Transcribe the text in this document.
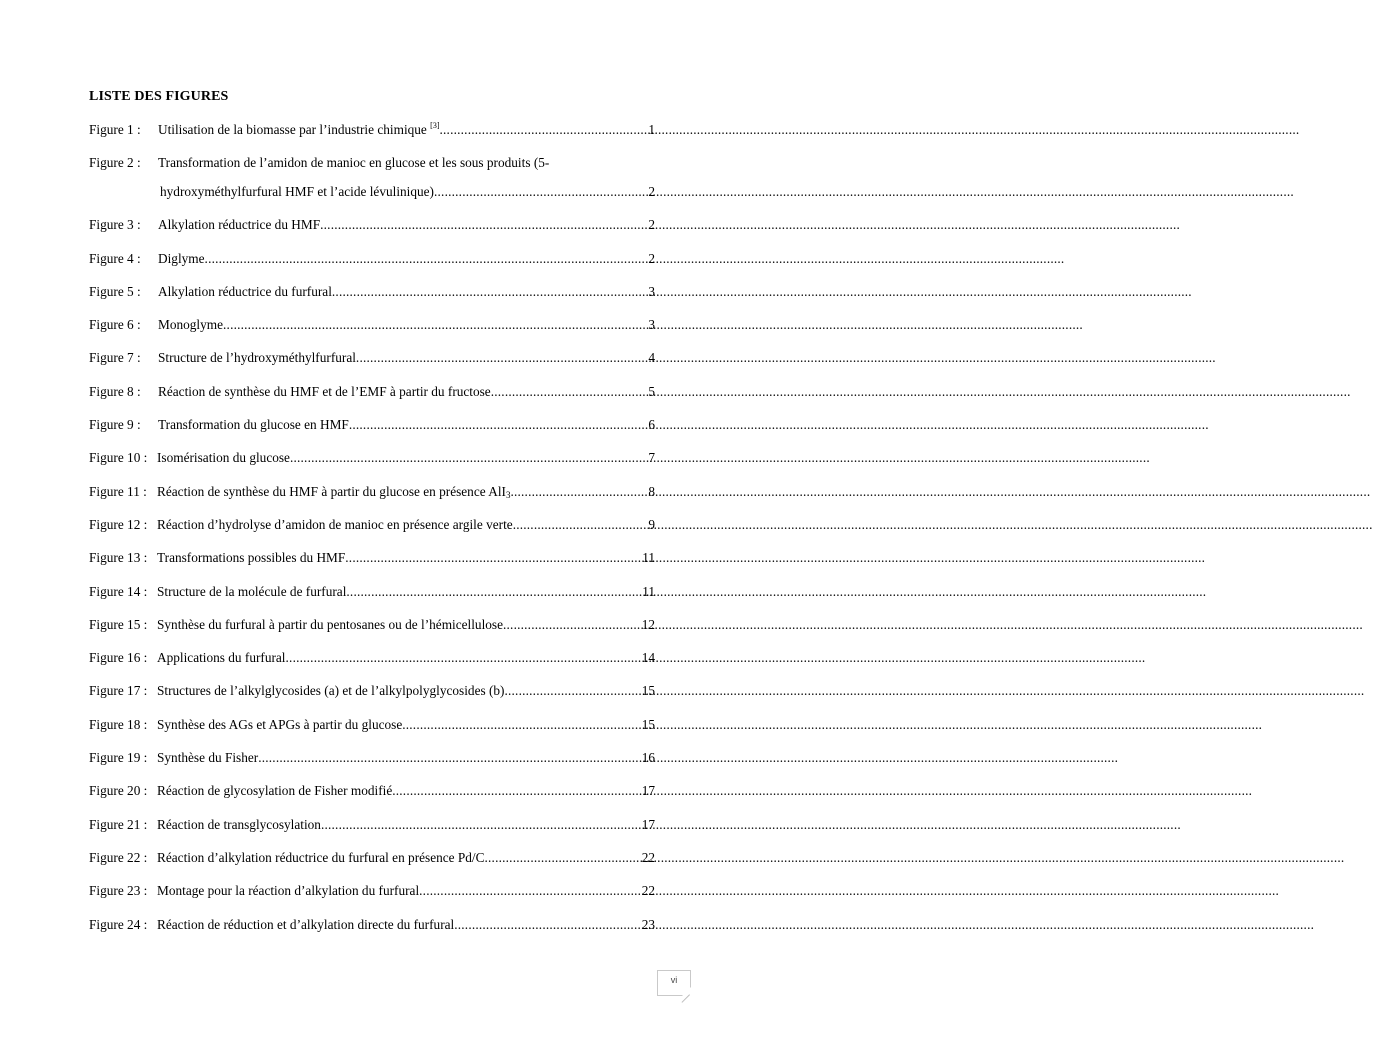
LISTE DES FIGURES
Figure 1 :	Utilisation de la biomasse par l’industrie chimique [3] .....	1
Figure 2 :	Transformation de l’amidon de manioc en glucose et les sous produits (5-
hydroxyméthylfurfural HMF et l’acide lévulinique) .....	2
Figure 3 :	Alkylation réductrice du HMF .....	2
Figure 4 :	Diglyme .....	2
Figure 5 :	Alkylation réductrice du furfural .....	3
Figure 6 :	Monoglyme .....	3
Figure 7 :	Structure de l’hydroxyméthylfurfural .....	4
Figure 8 :	Réaction de synthèse du HMF et de l’EMF à partir du fructose .....	5
Figure 9 :	Transformation du glucose en HMF .....	6
Figure 10 : Isomérisation du glucose .....	7
Figure 11 : Réaction de synthèse du HMF à partir du glucose en présence AlI$_3$ .....	8
Figure 12 : Réaction d’hydrolyse d’amidon de manioc en présence argile verte .....	9
Figure 13 : Transformations possibles du HMF .....	11
Figure 14 : Structure de la molécule de furfural .....	11
Figure 15 : Synthèse du furfural à partir du pentosanes ou de l’hémicellulose .....	12
Figure 16 : Applications du furfural .....	14
Figure 17 : Structures de l’alkylglycosides (a) et de l’alkylpolyglycosides (b) .....	15
Figure 18 : Synthèse des AGs et APGs à partir du glucose .....	15
Figure 19 : Synthèse du Fisher .....	16
Figure 20 : Réaction de glycosylation de Fisher modifié .....	17
Figure 21 : Réaction de transglycosylation .....	17
Figure 22 : Réaction d’alkylation réductrice du furfural en présence Pd/C .....	22
Figure 23 : Montage pour la réaction d’alkylation du furfural .....	22
Figure 24 : Réaction de réduction et d’alkylation directe du furfural .....	23
vi
